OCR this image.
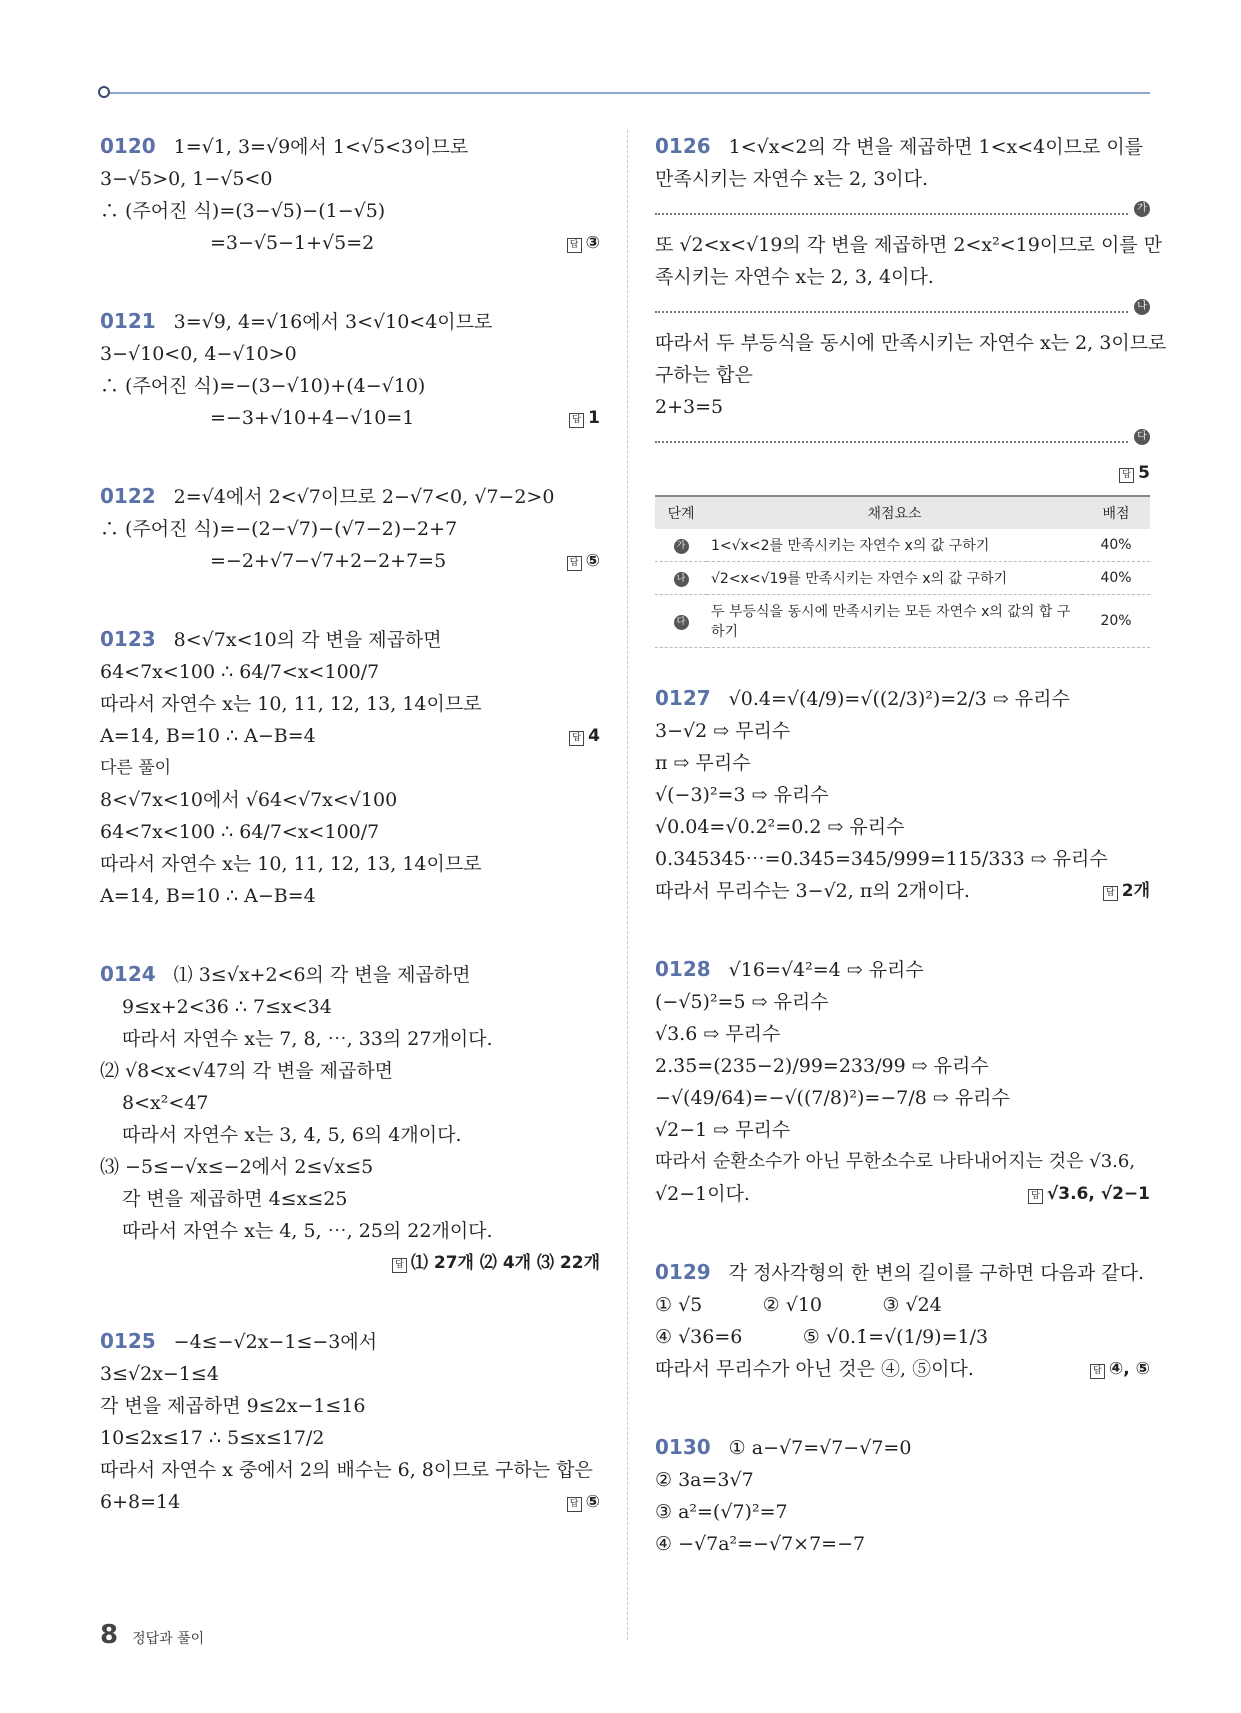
0120 1=√1, 3=√9에서 1<√5<3이므로
3−√5>0, 1−√5<0
∴ (주어진 식)=(3−√5)−(1−√5)
=3−√5−1+√5=2	답 ③
0121 3=√9, 4=√16에서 3<√10<4이므로
3−√10<0, 4−√10>0
∴ (주어진 식)=−(3−√10)+(4−√10)
=−3+√10+4−√10=1	답 1
0122 2=√4에서 2<√7이므로 2−√7<0, √7−2>0
∴ (주어진 식)=−(2−√7)−(√7−2)−2+7
=−2+√7−√7+2−2+7=5	답 ⑤
0123 8<√7x<10의 각 변을 제곱하면
64<7x<100 ∴ 64/7<x<100/7
따라서 자연수 x는 10, 11, 12, 13, 14이므로
A=14, B=10 ∴ A−B=4	답 4
다른 풀이
8<√7x<10에서 √64<√7x<√100
64<7x<100 ∴ 64/7<x<100/7
따라서 자연수 x는 10, 11, 12, 13, 14이므로
A=14, B=10 ∴ A−B=4
0124 ⑴ 3≤√x+2<6의 각 변을 제곱하면
9≤x+2<36 ∴ 7≤x<34
따라서 자연수 x는 7, 8, ⋯, 33의 27개이다.
⑵ √8<x<√47의 각 변을 제곱하면
8<x²<47
따라서 자연수 x는 3, 4, 5, 6의 4개이다.
⑶ −5≤−√x≤−2에서 2≤√x≤5
각 변을 제곱하면 4≤x≤25
따라서 자연수 x는 4, 5, ⋯, 25의 22개이다.
답 ⑴ 27개 ⑵ 4개 ⑶ 22개
0125 −4≤−√2x−1≤−3에서
3≤√2x−1≤4
각 변을 제곱하면 9≤2x−1≤16
10≤2x≤17 ∴ 5≤x≤17/2
따라서 자연수 x 중에서 2의 배수는 6, 8이므로 구하는 합은
6+8=14	답 ⑤
0126 1<√x<2의 각 변을 제곱하면 1<x<4이므로 이를
만족시키는 자연수 x는 2, 3이다.
가
또 √2<x<√19의 각 변을 제곱하면 2<x²<19이므로 이를 만
족시키는 자연수 x는 2, 3, 4이다.
나
따라서 두 부등식을 동시에 만족시키는 자연수 x는 2, 3이므로
구하는 합은
2+3=5
다
답 5
단계	채점요소	배점
가	1<√x<2를 만족시키는 자연수 x의 값 구하기	40%
나	√2<x<√19를 만족시키는 자연수 x의 값 구하기	40%
다	두 부등식을 동시에 만족시키는 모든 자연수 x의 값의 합 구하기	20%
0127 √0.4̇=√(4/9)=√((2/3)²)=2/3 ⇨ 유리수
3−√2 ⇨ 무리수
π ⇨ 무리수
√(−3)²=3 ⇨ 유리수
√0.04=√0.2²=0.2 ⇨ 유리수
0.345345⋯=0.3̇45̇=345/999=115/333 ⇨ 유리수
따라서 무리수는 3−√2, π의 2개이다.	답 2개
0128 √16=√4²=4 ⇨ 유리수
(−√5)²=5 ⇨ 유리수
√3.6 ⇨ 무리수
2.3̇5̇=(235−2)/99=233/99 ⇨ 유리수
−√(49/64)=−√((7/8)²)=−7/8 ⇨ 유리수
√2−1 ⇨ 무리수
따라서 순환소수가 아닌 무한소수로 나타내어지는 것은 √3.6,
√2−1이다.	답 √3.6, √2−1
0129 각 정사각형의 한 변의 길이를 구하면 다음과 같다.
① √5          ② √10          ③ √24
④ √36=6          ⑤ √0.1̇=√(1/9)=1/3
따라서 무리수가 아닌 것은 ④, ⑤이다.	답 ④, ⑤
0130 ① a−√7=√7−√7=0
② 3a=3√7
③ a²=(√7)²=7
④ −√7a²=−√7×7=−7
8 정답과 풀이
